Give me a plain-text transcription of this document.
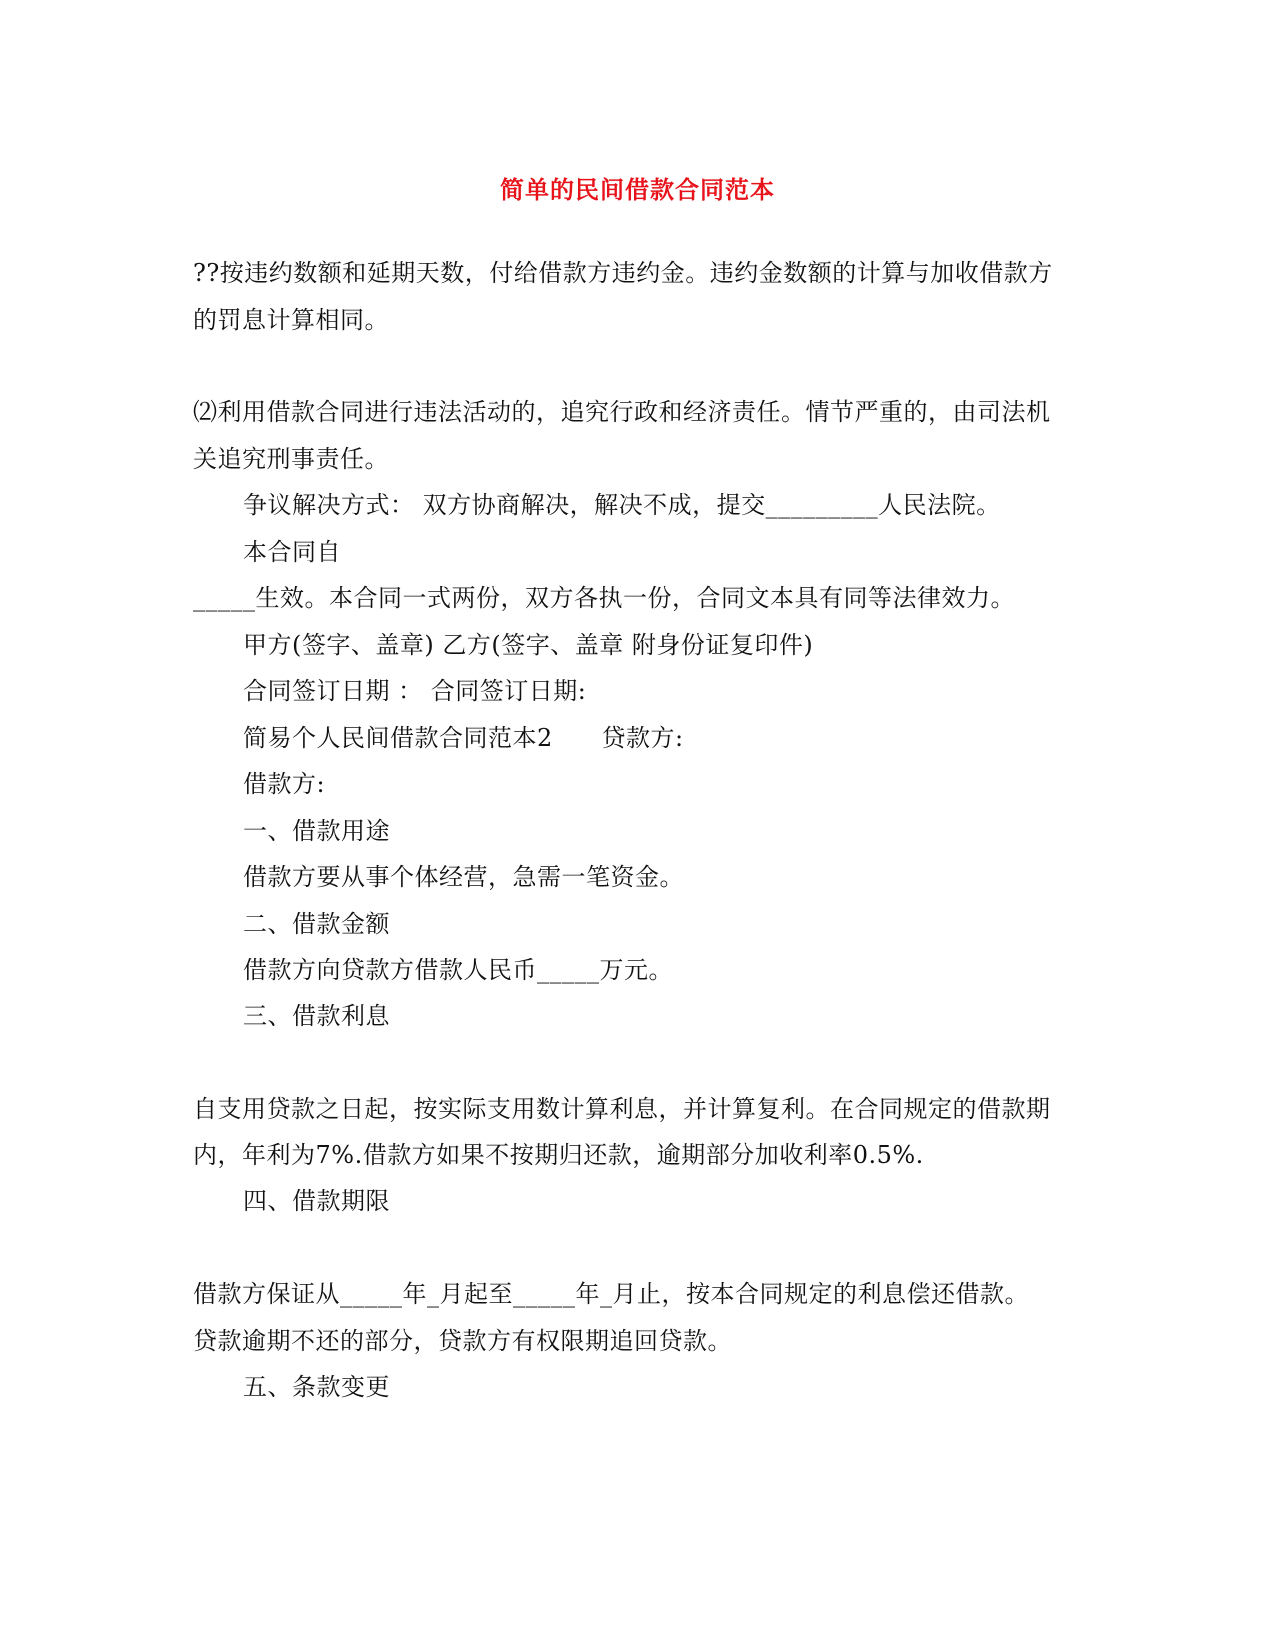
简单的民间借款合同范本
??按违约数额和延期天数，付给借款方违约金。违约金数额的计算与加收借款方
的罚息计算相同。
⑵利用借款合同进行违法活动的，追究行政和经济责任。情节严重的，由司法机
关追究刑事责任。
争议解决方式： 双方协商解决，解决不成，提交_________人民法院。
本合同自
_____生效。本合同一式两份，双方各执一份，合同文本具有同等法律效力。
甲方(签字、盖章) 乙方(签字、盖章 附身份证复印件)
合同签订日期 ： 合同签订日期:
简易个人民间借款合同范本2      贷款方:
借款方:
一、借款用途
借款方要从事个体经营，急需一笔资金。
二、借款金额
借款方向贷款方借款人民币_____万元。
三、借款利息
自支用贷款之日起，按实际支用数计算利息，并计算复利。在合同规定的借款期
内，年利为7%.借款方如果不按期归还款，逾期部分加收利率0.5%.
四、借款期限
借款方保证从_____年_月起至_____年_月止，按本合同规定的利息偿还借款。
贷款逾期不还的部分，贷款方有权限期追回贷款。
五、条款变更
